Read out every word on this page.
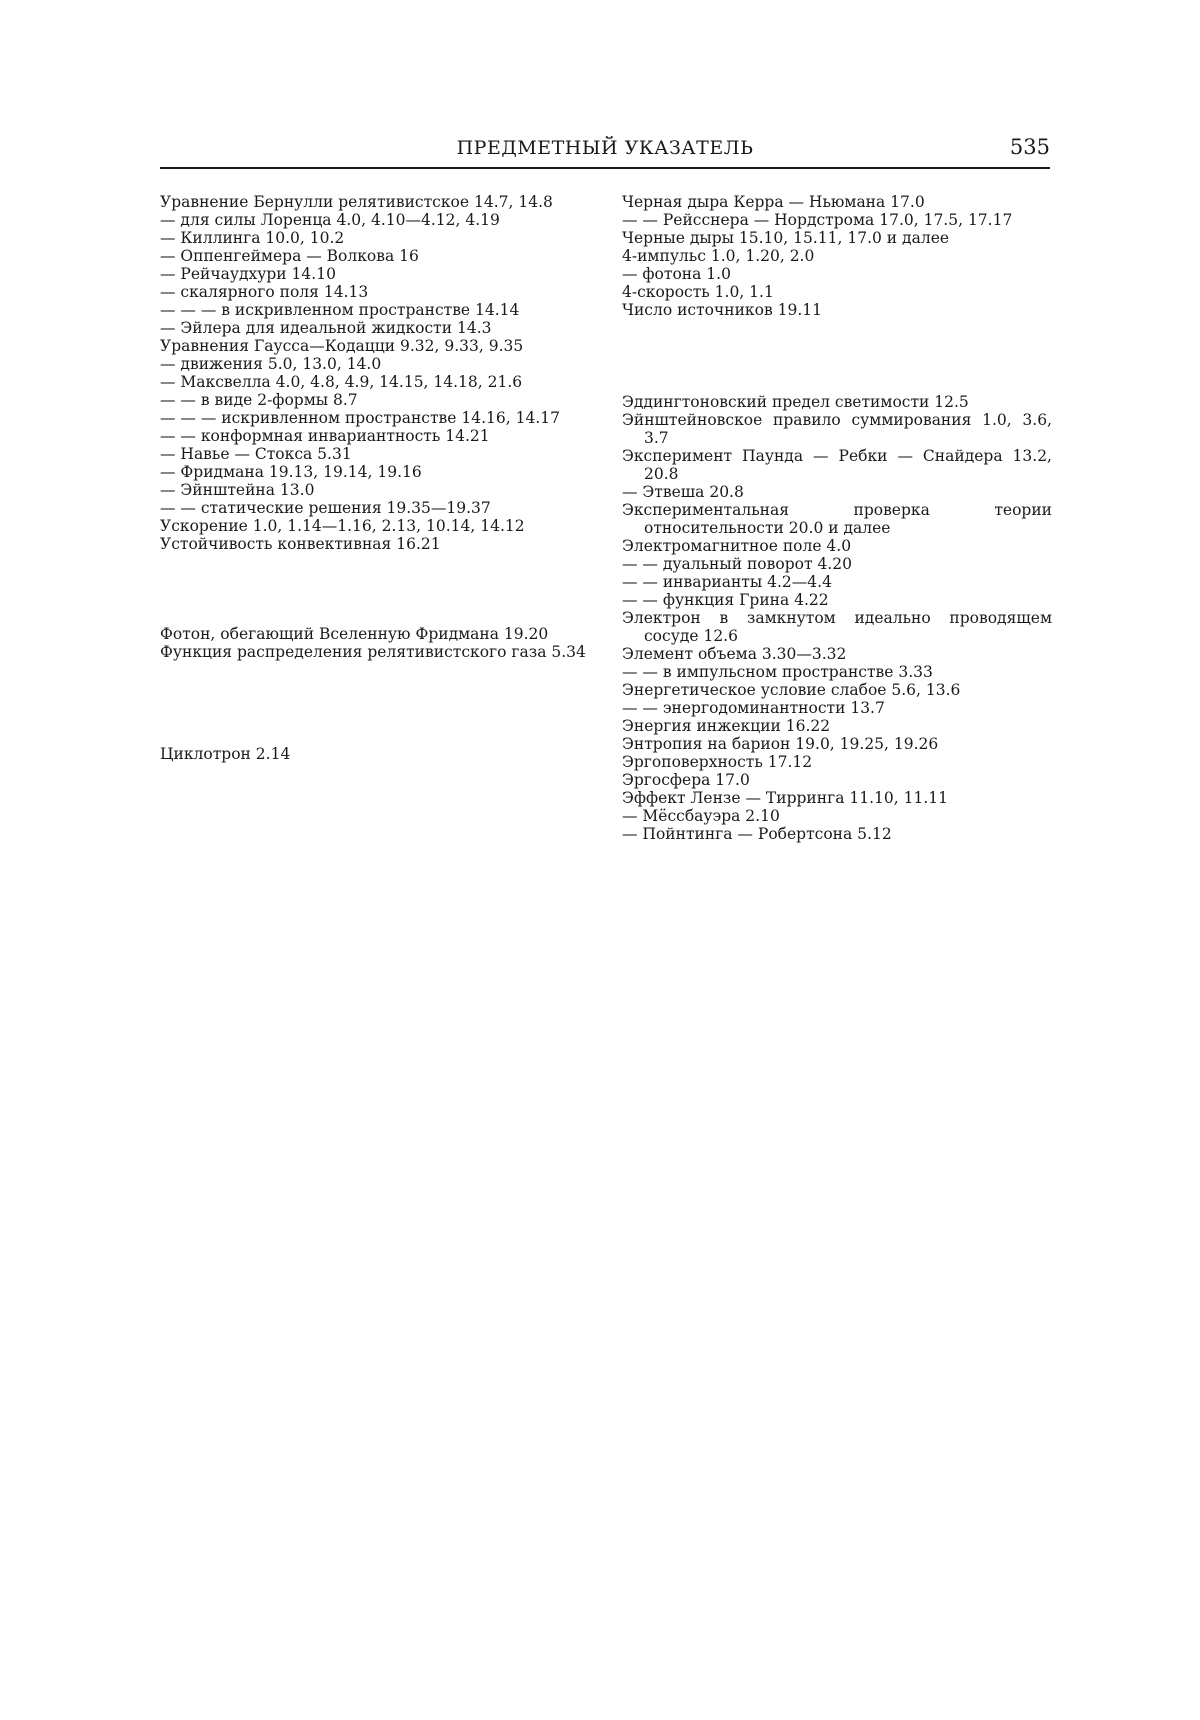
ПРЕДМЕТНЫЙ УКАЗАТЕЛЬ	535

Уравнение Бернулли релятивистское 14.7, 14.8

— для силы Лоренца 4.0, 4.10—4.12, 4.19

— Киллинга 10.0, 10.2

— Оппенгеймера — Волкова 16

— Рейчаудхури 14.10

— скалярного поля 14.13

— — — в искривленном пространстве 14.14

— Эйлера для идеальной жидкости 14.3

Уравнения Гаусса—Кодацци 9.32, 9.33, 9.35

— движения 5.0, 13.0, 14.0

— Максвелла 4.0, 4.8, 4.9, 14.15, 14.18, 21.6

— — в виде 2-формы 8.7

— — — искривленном пространстве 14.16, 14.17

— — конформная инвариантность 14.21

— Навье — Стокса 5.31

— Фридмана 19.13, 19.14, 19.16

— Эйнштейна 13.0

— — статические решения 19.35—19.37

Ускорение 1.0, 1.14—1.16, 2.13, 10.14, 14.12

Устойчивость конвективная 16.21

Фотон, обегающий Вселенную Фридмана 19.20

Функция распределения релятивистского газа 5.34

Циклотрон 2.14

Черная дыра Керра — Ньюмана 17.0

— — Рейсснера — Нордстрома 17.0, 17.5, 17.17

Черные дыры 15.10, 15.11, 17.0 и далее

4-импульс 1.0, 1.20, 2.0

— фотона 1.0

4-скорость 1.0, 1.1

Число источников 19.11

Эддингтоновский предел светимости 12.5

Эйнштейновское правило суммирования 1.0, 3.6, 3.7

Эксперимент Паунда — Ребки — Снайдера 13.2, 20.8

— Этвеша 20.8

Экспериментальная проверка теории относительности 20.0 и далее

Электромагнитное поле 4.0

— — дуальный поворот 4.20

— — инварианты 4.2—4.4

— — функция Грина 4.22

Электрон в замкнутом идеально проводящем сосуде 12.6

Элемент объема 3.30—3.32

— — в импульсном пространстве 3.33

Энергетическое условие слабое 5.6, 13.6

— — энергодоминантности 13.7

Энергия инжекции 16.22

Энтропия на барион 19.0, 19.25, 19.26

Эргоповерхность 17.12

Эргосфера 17.0

Эффект Лензе — Тирринга 11.10, 11.11

— Мёссбауэра 2.10

— Пойнтинга — Робертсона 5.12
